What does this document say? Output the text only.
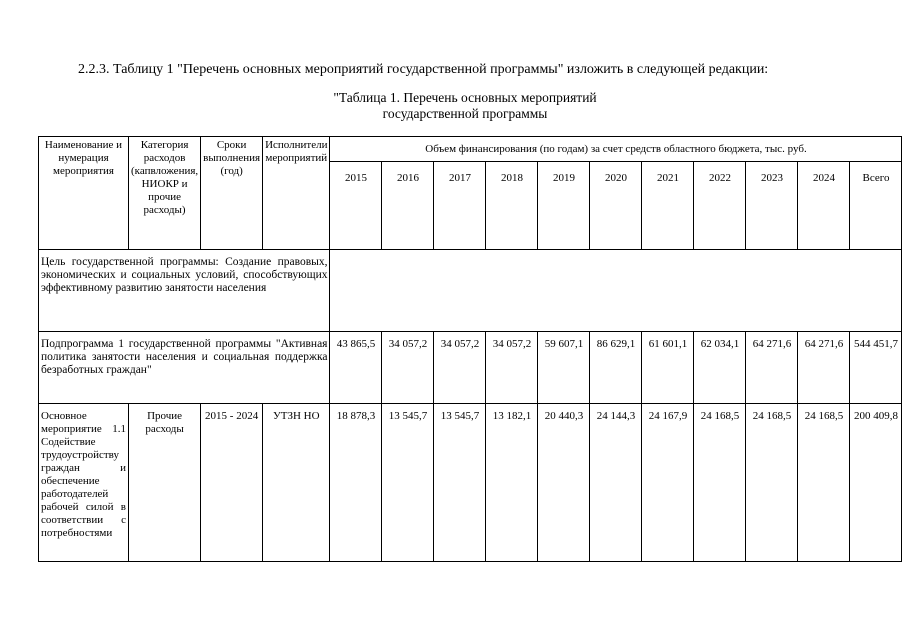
2.2.3. Таблицу 1 "Перечень основных мероприятий государственной программы" изложить в следующей редакции:
"Таблица 1. Перечень основных мероприятий
государственной программы
Наименование и нумерация мероприятия	Категория расходов (капвложения, НИОКР и прочие расходы)	Сроки выполнения (год)	Исполнители мероприятий	Объем финансирования (по годам) за счет средств областного бюджета, тыс. руб.										
				2015	2016	2017	2018	2019	2020	2021	2022	2023	2024	Всего
Цель государственной программы: Создание правовых, экономических и социальных условий, способствующих эффективному развитию занятости населения														
Подпрограмма 1 государственной программы "Активная политика занятости населения и социальная поддержка безработных граждан"				43 865,5	34 057,2	34 057,2	34 057,2	59 607,1	86 629,1	61 601,1	62 034,1	64 271,6	64 271,6	544 451,7
Основное мероприятие 1.1 Содействие трудоустройству граждан и обеспечение работодателей рабочей силой в соответствии с потребностями	Прочие расходы	2015 - 2024	УТЗН НО	18 878,3	13 545,7	13 545,7	13 182,1	20 440,3	24 144,3	24 167,9	24 168,5	24 168,5	24 168,5	200 409,8
